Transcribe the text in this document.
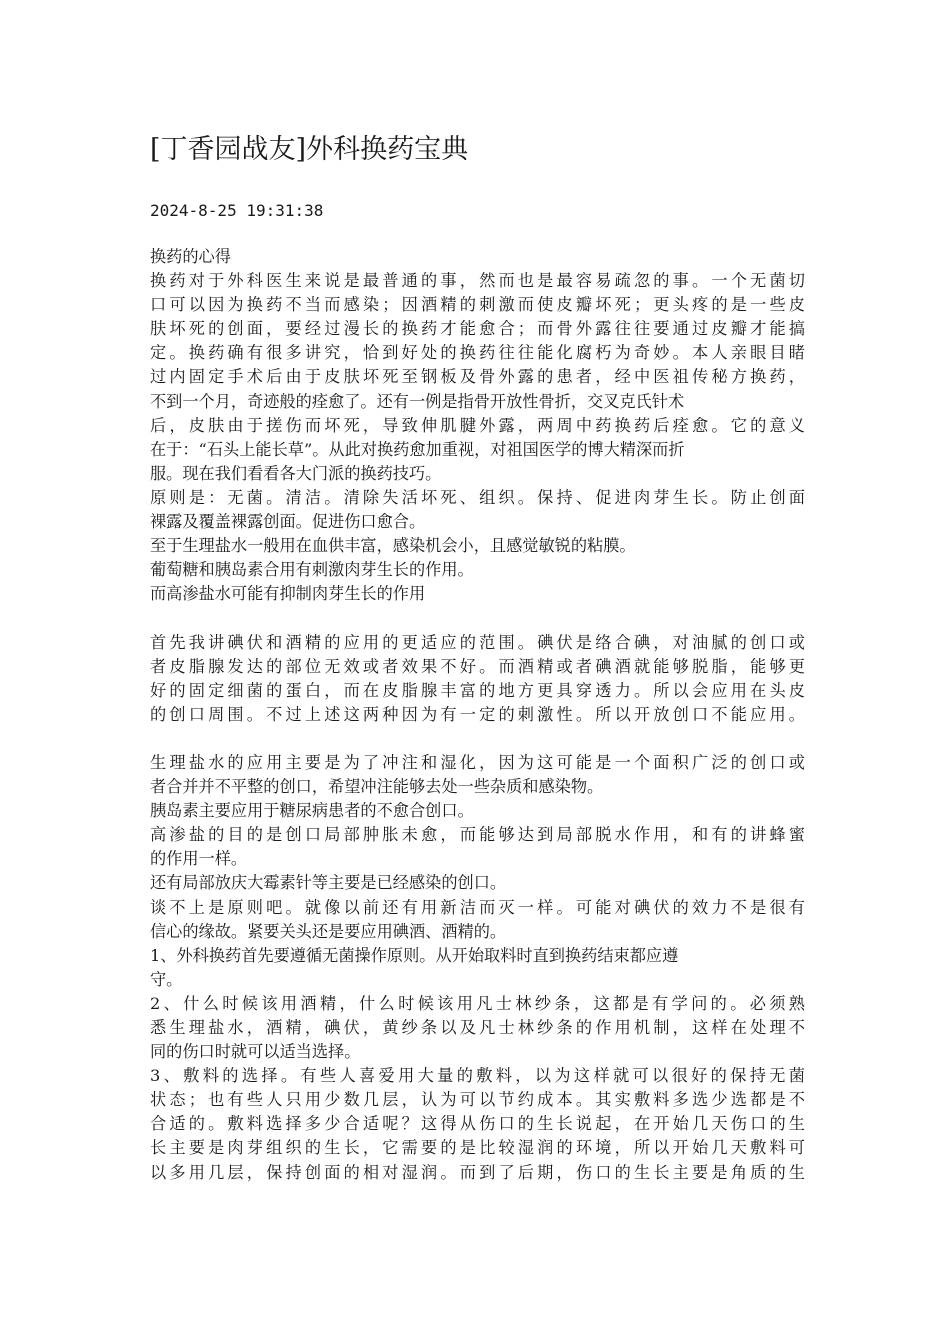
[丁香园战友]外科换药宝典
2024-8-25 19:31:38
换药的心得
换药对于外科医生来说是最普通的事，然而也是最容易疏忽的事。一个无菌切
口可以因为换药不当而感染；因酒精的刺激而使皮瓣坏死；更头疼的是一些皮
肤坏死的创面，要经过漫长的换药才能愈合；而骨外露往往要通过皮瓣才能搞
定。换药确有很多讲究，恰到好处的换药往往能化腐朽为奇妙。本人亲眼目睹
过内固定手术后由于皮肤坏死至钢板及骨外露的患者，经中医祖传秘方换药，
不到一个月，奇迹般的痊愈了。还有一例是指骨开放性骨折，交叉克氏针术
后，皮肤由于搓伤而坏死，导致伸肌腱外露，两周中药换药后痊愈。它的意义
在于：“石头上能长草”。从此对换药愈加重视，对祖国医学的博大精深而折
服。现在我们看看各大门派的换药技巧。
原则是：无菌。清洁。清除失活坏死、组织。保持、促进肉芽生长。防止创面
裸露及覆盖裸露创面。促进伤口愈合。
至于生理盐水一般用在血供丰富，感染机会小，且感觉敏锐的粘膜。
葡萄糖和胰岛素合用有刺激肉芽生长的作用。
而高渗盐水可能有抑制肉芽生长的作用
首先我讲碘伏和酒精的应用的更适应的范围。碘伏是络合碘，对油腻的创口或
者皮脂腺发达的部位无效或者效果不好。而酒精或者碘酒就能够脱脂，能够更
好的固定细菌的蛋白，而在皮脂腺丰富的地方更具穿透力。所以会应用在头皮
的创口周围。不过上述这两种因为有一定的刺激性。所以开放创口不能应用。
生理盐水的应用主要是为了冲注和湿化，因为这可能是一个面积广泛的创口或
者合并并不平整的创口，希望冲注能够去处一些杂质和感染物。
胰岛素主要应用于糖尿病患者的不愈合创口。
高渗盐的目的是创口局部肿胀未愈，而能够达到局部脱水作用，和有的讲蜂蜜
的作用一样。
还有局部放庆大霉素针等主要是已经感染的创口。
谈不上是原则吧。就像以前还有用新洁而灭一样。可能对碘伏的效力不是很有
信心的缘故。紧要关头还是要应用碘酒、酒精的。
1、外科换药首先要遵循无菌操作原则。从开始取料时直到换药结束都应遵
守。
2、什么时候该用酒精，什么时候该用凡士林纱条，这都是有学问的。必须熟
悉生理盐水，酒精，碘伏，黄纱条以及凡士林纱条的作用机制，这样在处理不
同的伤口时就可以适当选择。
3、敷料的选择。有些人喜爱用大量的敷料，以为这样就可以很好的保持无菌
状态；也有些人只用少数几层，认为可以节约成本。其实敷料多选少选都是不
合适的。敷料选择多少合适呢？这得从伤口的生长说起，在开始几天伤口的生
长主要是肉芽组织的生长，它需要的是比较湿润的环境，所以开始几天敷料可
以多用几层，保持创面的相对湿润。而到了后期，伤口的生长主要是角质的生
